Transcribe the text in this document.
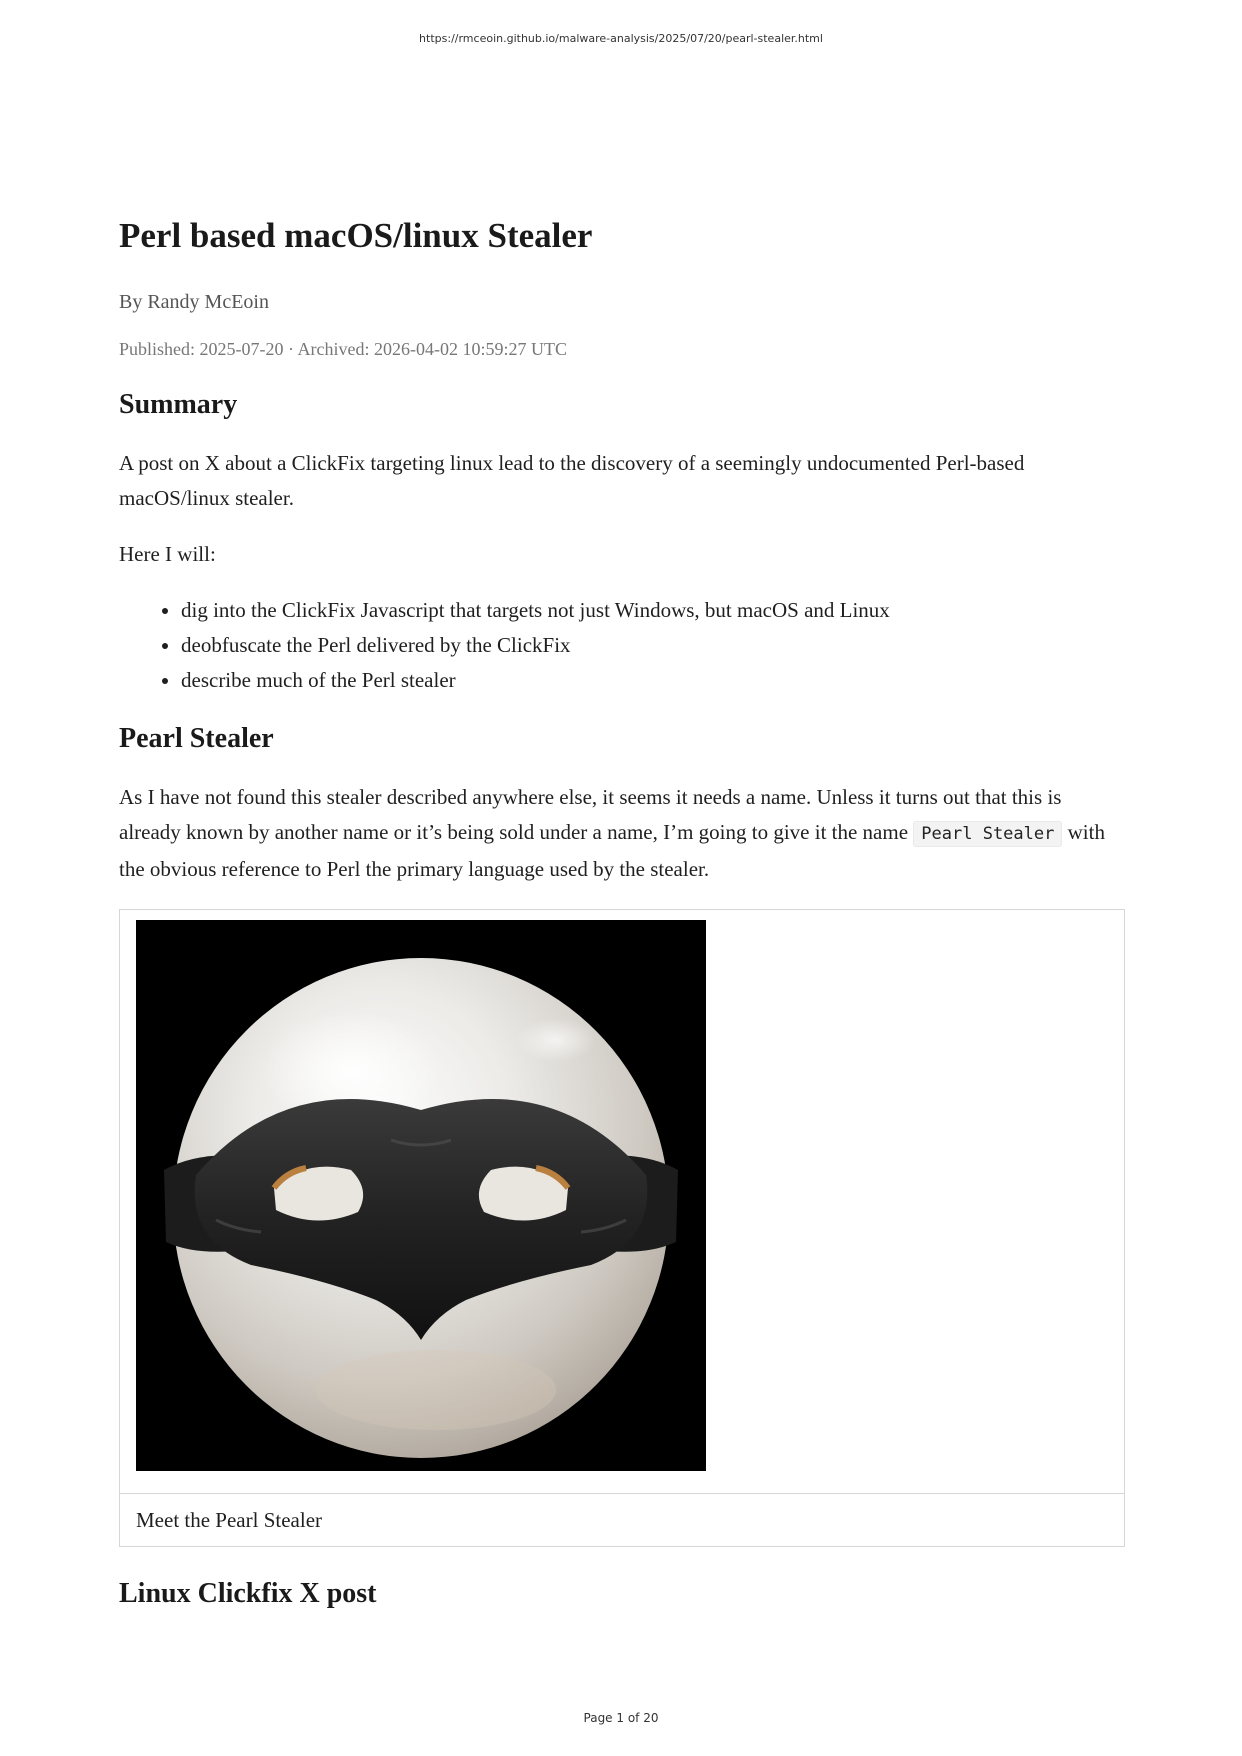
https://rmceoin.github.io/malware-analysis/2025/07/20/pearl-stealer.html
Perl based macOS/linux Stealer
By Randy McEoin
Published: 2025-07-20 · Archived: 2026-04-02 10:59:27 UTC
Summary

A post on X about a ClickFix targeting linux lead to the discovery of a seemingly undocumented Perl-based macOS/linux stealer.

Here I will:

• dig into the ClickFix Javascript that targets not just Windows, but macOS and Linux
• deobfuscate the Perl delivered by the ClickFix
• describe much of the Perl stealer
Pearl Stealer

As I have not found this stealer described anywhere else, it seems it needs a name. Unless it turns out that this is already known by another name or it’s being sold under a name, I’m going to give it the name Pearl Stealer with the obvious reference to Perl the primary language used by the stealer.

Meet the Pearl Stealer
Linux Clickfix X post
Page 1 of 20
